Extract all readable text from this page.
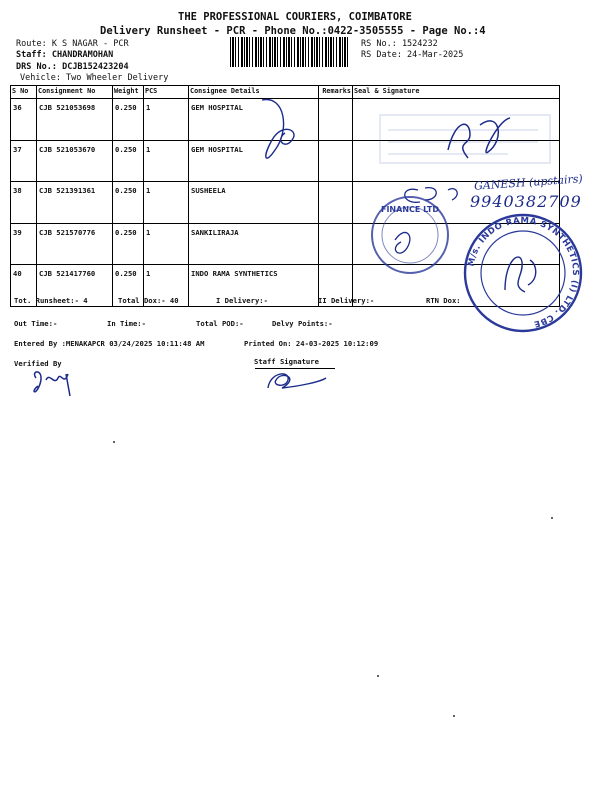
THE PROFESSIONAL COURIERS, COIMBATORE
Delivery Runsheet - PCR - Phone No.:0422-3505555 - Page No.:4
Route: K S NAGAR - PCR
Staff: CHANDRAMOHAN
DRS No.: DCJB152423204
Vehicle: Two Wheeler Delivery
RS No.: 1524232
RS Date: 24-Mar-2025
S No	Consignment No	Weight	PCS	Consignee Details	Remarks	Seal & Signature
36	CJB 521053698	0.250	1	GEM HOSPITAL		
37	CJB 521053670	0.250	1	GEM HOSPITAL		
38	CJB 521391361	0.250	1	SUSHEELA		
39	CJB 521570776	0.250	1	SANKILIRAJA		
40	CJB 521417760	0.250	1	INDO RAMA SYNTHETICS		
Tot. Runsheet:- 4	Total Dox:- 40	I Delivery:-	II Delivery:-	RTN Dox:
Out Time:-	In Time:-	Total POD:-	Delvy Points:-
Entered By :MENAKAPCR 03/24/2025 10:11:48 AM	Printed On: 24-03-2025 10:12:09
Verified By	Staff Signature
GANESH (upstairs)
9940382709
FINANCE LTD
M/s. INDO RAMA SYNTHETICS (I) LTD. CBE
